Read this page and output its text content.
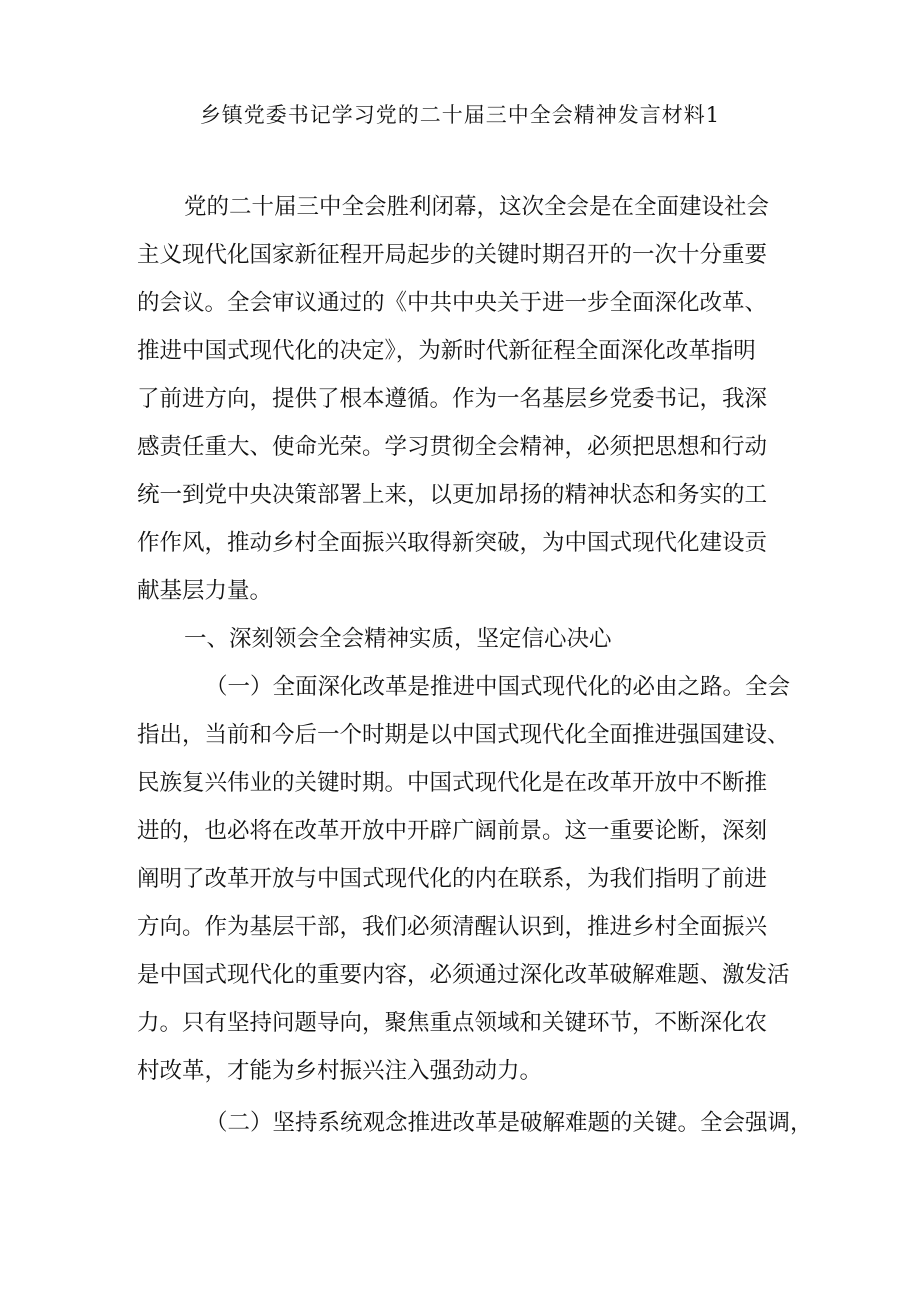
乡镇党委书记学习党的二十届三中全会精神发言材料1

党的二十届三中全会胜利闭幕，这次全会是在全面建设社会

主义现代化国家新征程开局起步的关键时期召开的一次十分重要

的会议。全会审议通过的《中共中央关于进一步全面深化改革、

推进中国式现代化的决定》，为新时代新征程全面深化改革指明

了前进方向，提供了根本遵循。作为一名基层乡党委书记，我深

感责任重大、使命光荣。学习贯彻全会精神，必须把思想和行动

统一到党中央决策部署上来，以更加昂扬的精神状态和务实的工

作作风，推动乡村全面振兴取得新突破，为中国式现代化建设贡

献基层力量。

一、深刻领会全会精神实质，坚定信心决心

（一）全面深化改革是推进中国式现代化的必由之路。全会

指出，当前和今后一个时期是以中国式现代化全面推进强国建设、

民族复兴伟业的关键时期。中国式现代化是在改革开放中不断推

进的，也必将在改革开放中开辟广阔前景。这一重要论断，深刻

阐明了改革开放与中国式现代化的内在联系，为我们指明了前进

方向。作为基层干部，我们必须清醒认识到，推进乡村全面振兴

是中国式现代化的重要内容，必须通过深化改革破解难题、激发活

力。只有坚持问题导向，聚焦重点领域和关键环节，不断深化农

村改革，才能为乡村振兴注入强劲动力。

（二）坚持系统观念推进改革是破解难题的关键。全会强调，
